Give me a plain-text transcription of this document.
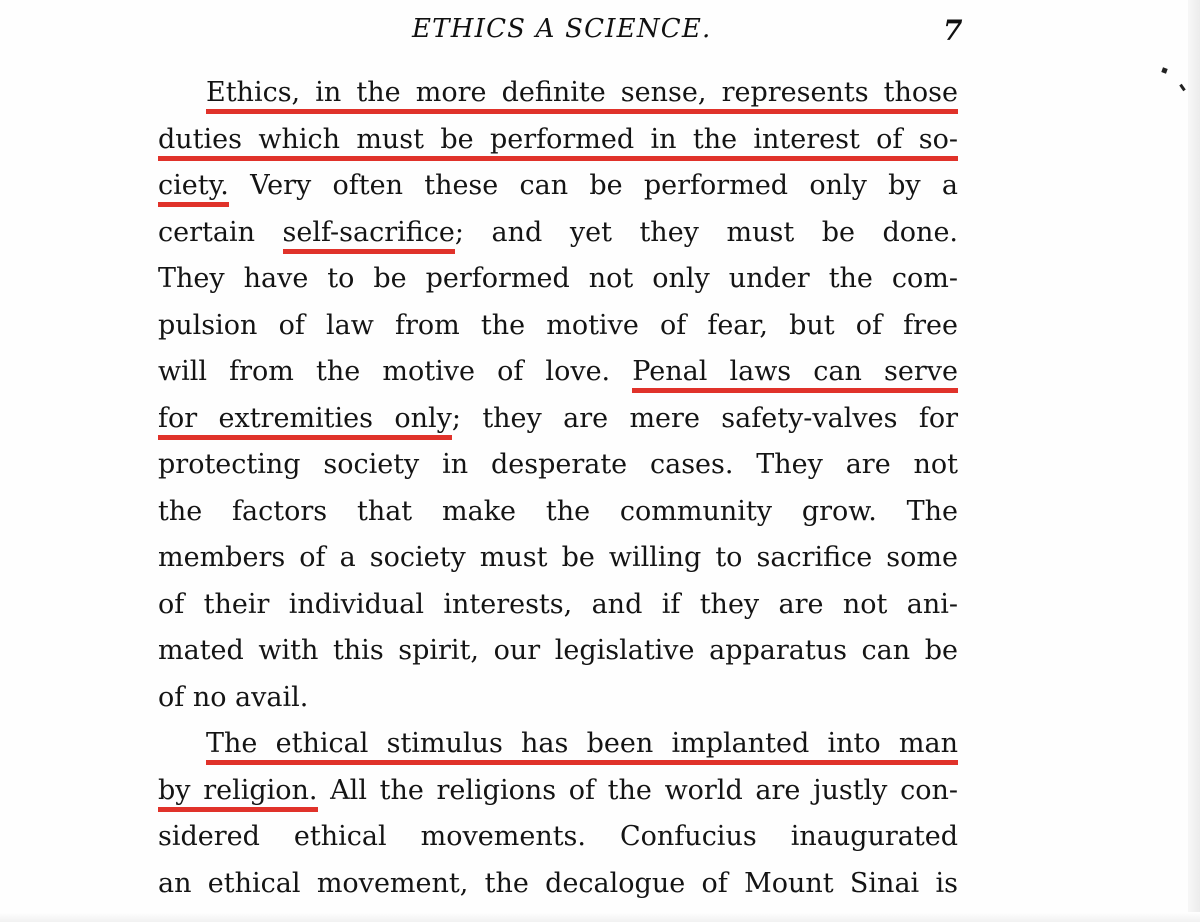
ETHICS A SCIENCE.	7
Ethics, in the more definite sense, represents those
duties which must be performed in the interest of so-
ciety. Very often these can be performed only by a
certain self-sacrifice; and yet they must be done.
They have to be performed not only under the com-
pulsion of law from the motive of fear, but of free
will from the motive of love. Penal laws can serve
for extremities only; they are mere safety-valves for
protecting society in desperate cases. They are not
the factors that make the community grow. The
members of a society must be willing to sacrifice some
of their individual interests, and if they are not ani-
mated with this spirit, our legislative apparatus can be
of no avail.
The ethical stimulus has been implanted into man
by religion. All the religions of the world are justly con-
sidered ethical movements. Confucius inaugurated
an ethical movement, the decalogue of Mount Sinai is
